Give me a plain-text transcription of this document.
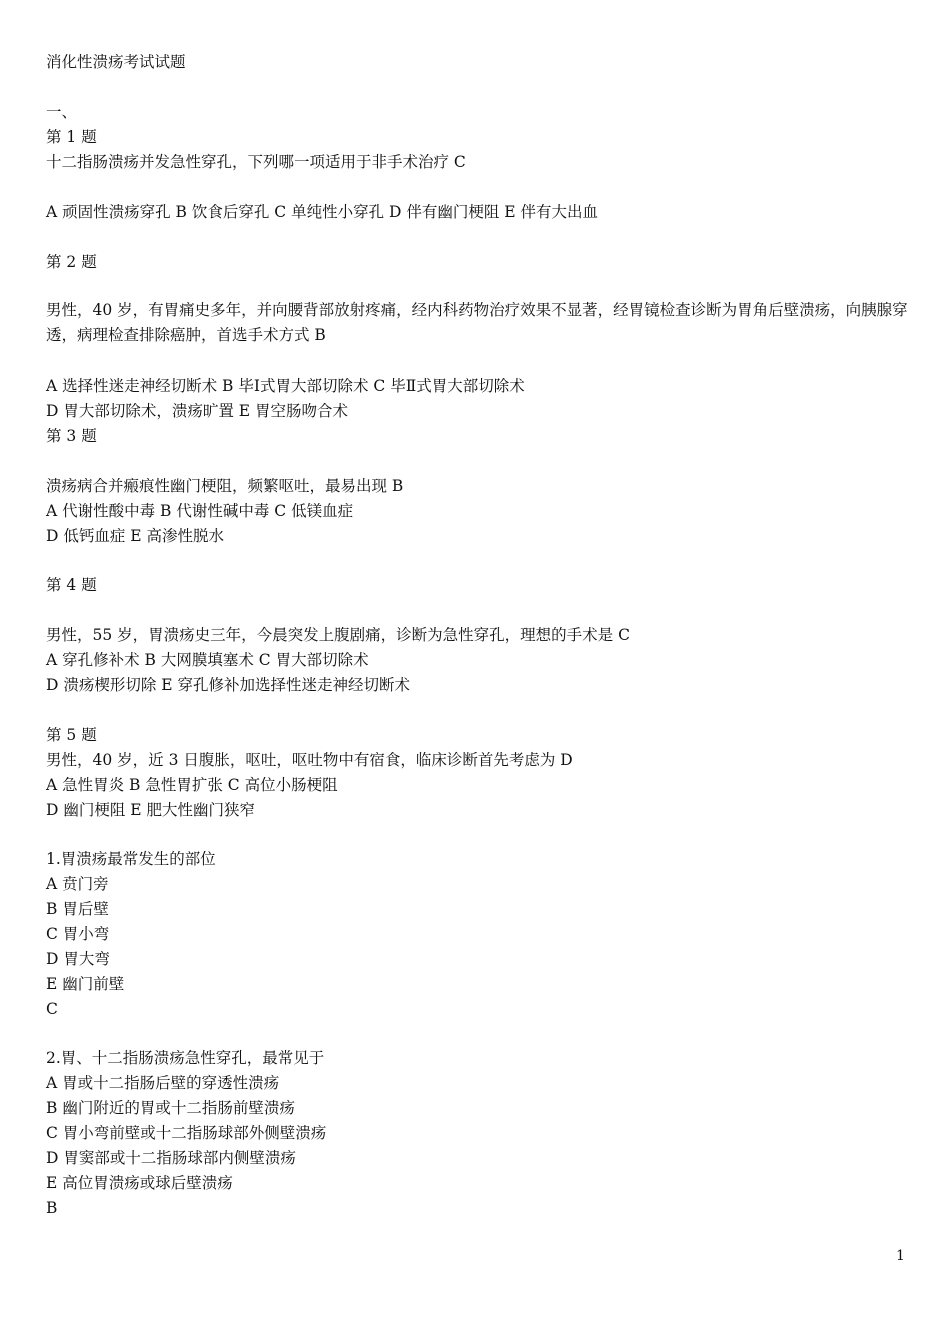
消化性溃疡考试试题
一、
第 1 题
十二指肠溃疡并发急性穿孔，下列哪一项适用于非手术治疗 C
A 顽固性溃疡穿孔 B 饮食后穿孔 C 单纯性小穿孔 D 伴有幽门梗阻 E 伴有大出血
第 2 题
男性，40 岁，有胃痛史多年，并向腰背部放射疼痛，经内科药物治疗效果不显著，经胃镜检查诊断为胃角后壁溃疡，向胰腺穿透，病理检查排除癌肿，首选手术方式 B
A 选择性迷走神经切断术 B 毕Ⅰ式胃大部切除术 C 毕Ⅱ式胃大部切除术
D 胃大部切除术，溃疡旷置 E 胃空肠吻合术
第 3 题
溃疡病合并瘢痕性幽门梗阻，频繁呕吐，最易出现 B
A 代谢性酸中毒 B 代谢性碱中毒 C 低镁血症
D 低钙血症 E 高渗性脱水
第 4 题
男性，55 岁，胃溃疡史三年，今晨突发上腹剧痛，诊断为急性穿孔，理想的手术是 C
A 穿孔修补术 B 大网膜填塞术 C 胃大部切除术
D 溃疡楔形切除 E 穿孔修补加选择性迷走神经切断术
第 5 题
男性，40 岁，近 3 日腹胀，呕吐，呕吐物中有宿食，临床诊断首先考虑为 D
A 急性胃炎 B 急性胃扩张 C 高位小肠梗阻
D 幽门梗阻 E 肥大性幽门狭窄
1.胃溃疡最常发生的部位
A 贲门旁
B 胃后壁
C 胃小弯
D 胃大弯
E 幽门前壁
C
2.胃、十二指肠溃疡急性穿孔，最常见于
A 胃或十二指肠后壁的穿透性溃疡
B 幽门附近的胃或十二指肠前壁溃疡
C 胃小弯前壁或十二指肠球部外侧壁溃疡
D 胃窦部或十二指肠球部内侧壁溃疡
E 高位胃溃疡或球后壁溃疡
B
1
